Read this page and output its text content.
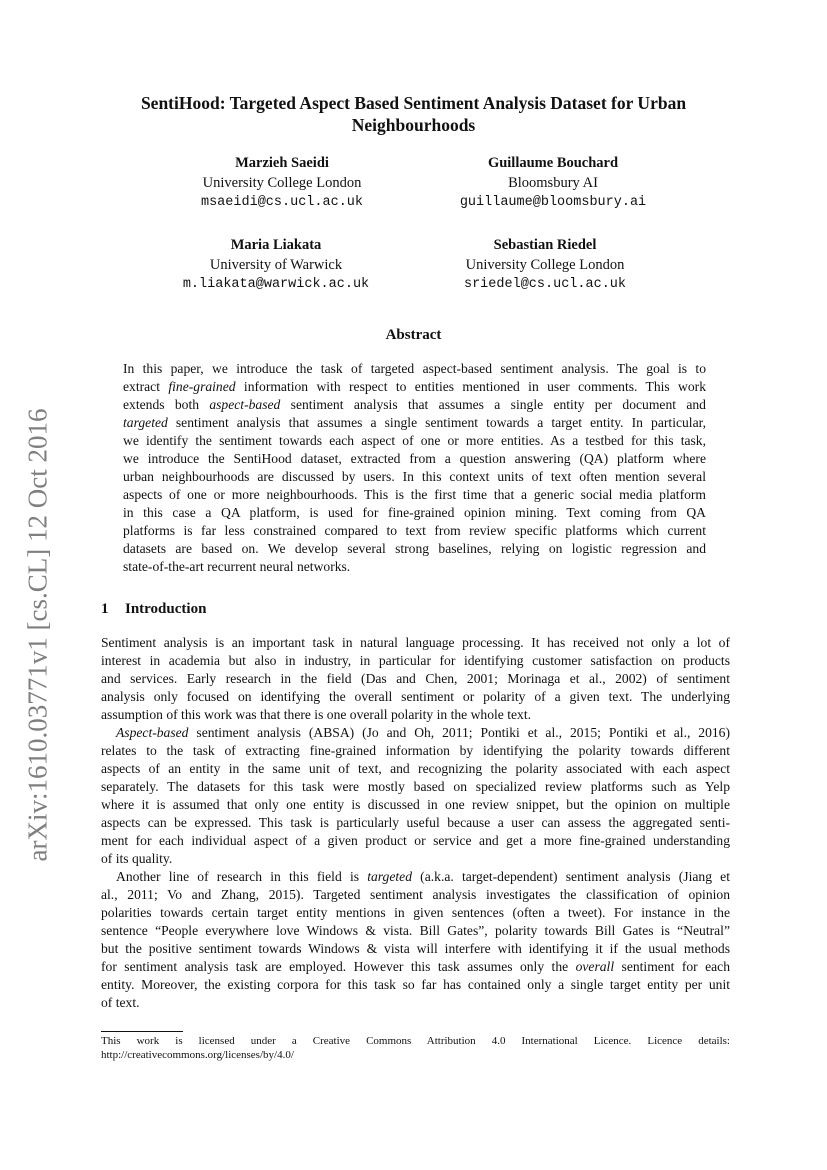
arXiv:1610.03771v1 [cs.CL] 12 Oct 2016
SentiHood: Targeted Aspect Based Sentiment Analysis Dataset for Urban
Neighbourhoods
Marzieh Saeidi
University College London
msaeidi@cs.ucl.ac.uk
Guillaume Bouchard
Bloomsbury AI
guillaume@bloomsbury.ai
Maria Liakata
University of Warwick
m.liakata@warwick.ac.uk
Sebastian Riedel
University College London
sriedel@cs.ucl.ac.uk
Abstract
In this paper, we introduce the task of targeted aspect-based sentiment analysis. The goal is to
extract fine-grained information with respect to entities mentioned in user comments. This work
extends both aspect-based sentiment analysis that assumes a single entity per document and
targeted sentiment analysis that assumes a single sentiment towards a target entity. In particular,
we identify the sentiment towards each aspect of one or more entities. As a testbed for this task,
we introduce the SentiHood dataset, extracted from a question answering (QA) platform where
urban neighbourhoods are discussed by users. In this context units of text often mention several
aspects of one or more neighbourhoods. This is the first time that a generic social media platform
in this case a QA platform, is used for fine-grained opinion mining. Text coming from QA
platforms is far less constrained compared to text from review specific platforms which current
datasets are based on. We develop several strong baselines, relying on logistic regression and
state-of-the-art recurrent neural networks.
1 Introduction
Sentiment analysis is an important task in natural language processing. It has received not only a lot of
interest in academia but also in industry, in particular for identifying customer satisfaction on products
and services. Early research in the field (Das and Chen, 2001; Morinaga et al., 2002) of sentiment
analysis only focused on identifying the overall sentiment or polarity of a given text. The underlying
assumption of this work was that there is one overall polarity in the whole text.
Aspect-based sentiment analysis (ABSA) (Jo and Oh, 2011; Pontiki et al., 2015; Pontiki et al., 2016)
relates to the task of extracting fine-grained information by identifying the polarity towards different
aspects of an entity in the same unit of text, and recognizing the polarity associated with each aspect
separately. The datasets for this task were mostly based on specialized review platforms such as Yelp
where it is assumed that only one entity is discussed in one review snippet, but the opinion on multiple
aspects can be expressed. This task is particularly useful because a user can assess the aggregated senti-
ment for each individual aspect of a given product or service and get a more fine-grained understanding
of its quality.
Another line of research in this field is targeted (a.k.a. target-dependent) sentiment analysis (Jiang et
al., 2011; Vo and Zhang, 2015). Targeted sentiment analysis investigates the classification of opinion
polarities towards certain target entity mentions in given sentences (often a tweet). For instance in the
sentence “People everywhere love Windows & vista. Bill Gates”, polarity towards Bill Gates is “Neutral”
but the positive sentiment towards Windows & vista will interfere with identifying it if the usual methods
for sentiment analysis task are employed. However this task assumes only the overall sentiment for each
entity. Moreover, the existing corpora for this task so far has contained only a single target entity per unit
of text.
This work is licensed under a Creative Commons Attribution 4.0 International Licence. Licence details:
http://creativecommons.org/licenses/by/4.0/
